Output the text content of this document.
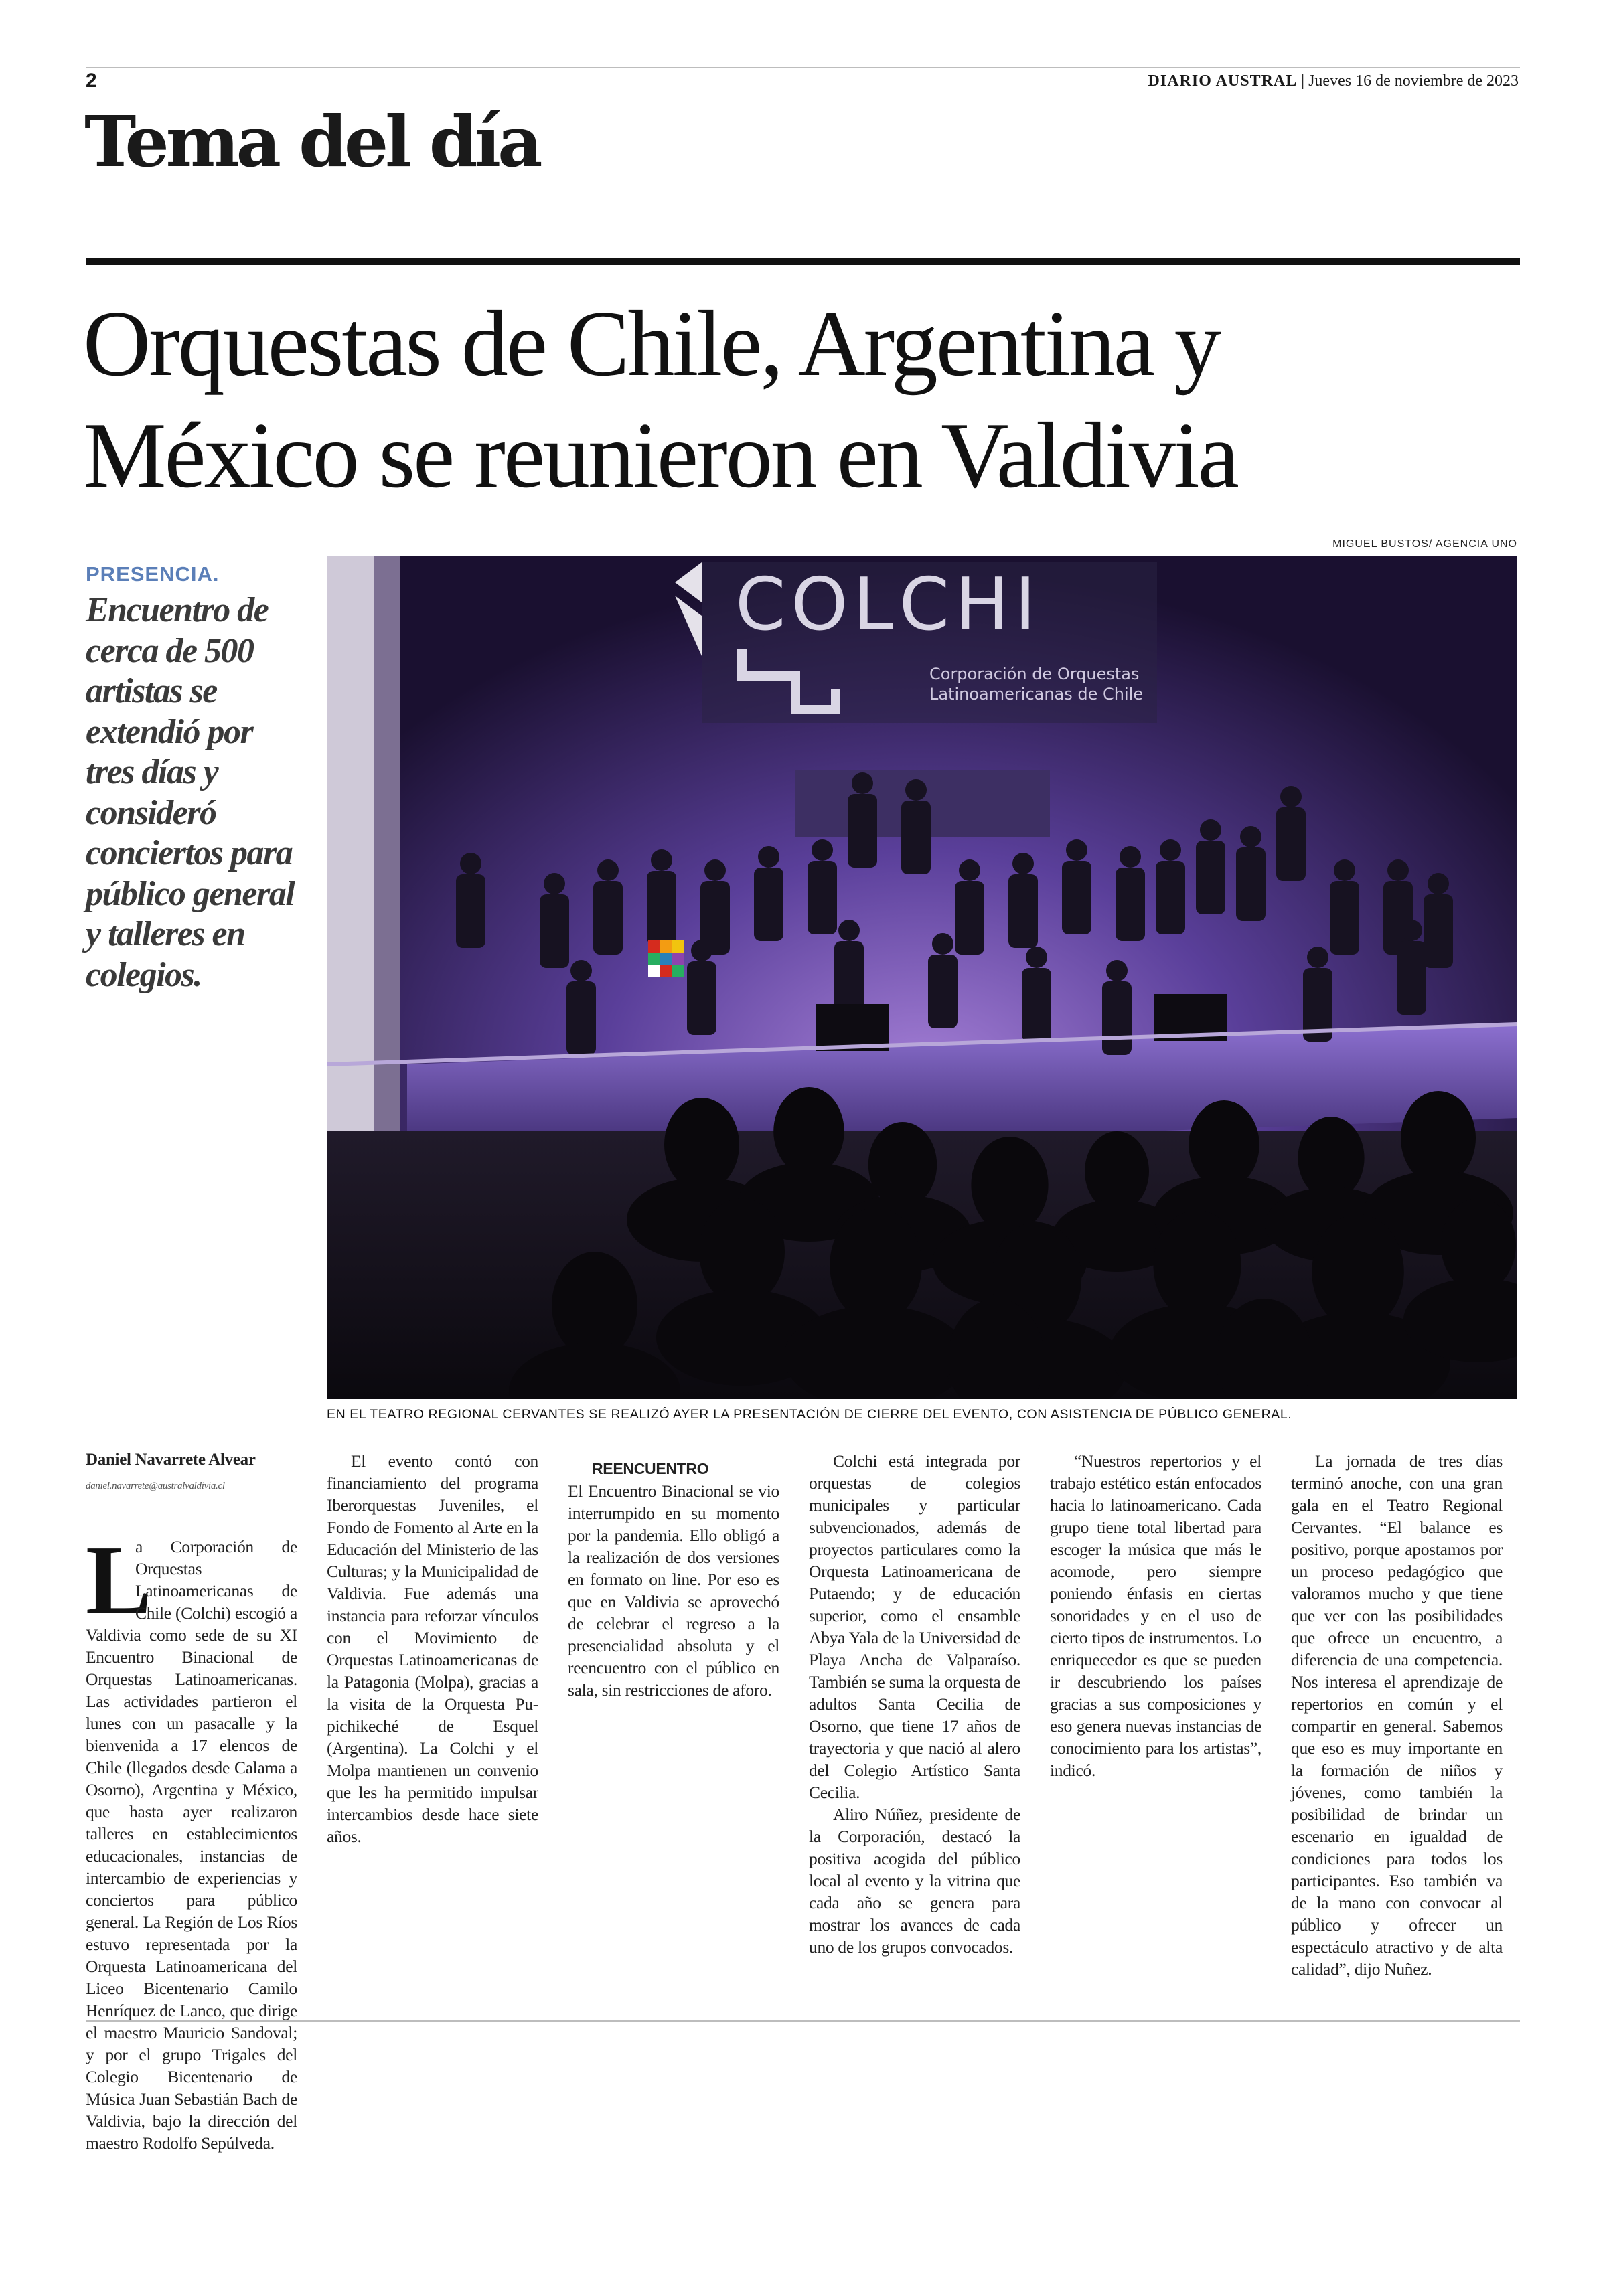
2	DIARIO AUSTRAL | Jueves 16 de noviembre de 2023
Tema del día
Orquestas de Chile, Argentina y
México se reunieron en Valdivia
PRESENCIA.
Encuentro de cerca de 500 artistas se extendió por tres días y consideró conciertos para público general y talleres en colegios.
MIGUEL BUSTOS/ AGENCIA UNO
COLCHI
Corporación de Orquestas
Latinoamericanas de Chile
EN EL TEATRO REGIONAL CERVANTES SE REALIZÓ AYER LA PRESENTACIÓN DE CIERRE DEL EVENTO, CON ASISTENCIA DE PÚBLICO GENERAL.

Daniel Navarrete Alvear

daniel.navarrete@australvaldivia.cl

L

a Corporación de Orquestas Latinoamericanas de Chile (Colchi) escogió a Valdivia como sede de su XI Encuentro Binacional de Orquestas Latinoamericanas. Las actividades partieron el lunes con un pasacalle y la bienvenida a 17 elencos de Chile (llegados desde Calama a Osorno), Argentina y México, que hasta ayer realizaron talleres en establecimientos educacionales, instancias de intercambio de experiencias y conciertos para público general. La Región de Los Ríos estuvo representada por la Orquesta Latinoamericana del Liceo Bicentenario Camilo Henríquez de Lanco, que dirige el maestro Mauricio Sandoval; y por el grupo Trigales del Colegio Bicentenario de Música Juan Sebastián Bach de Valdivia, bajo la dirección del maestro Rodolfo Sepúlveda.

El evento contó con financiamiento del programa Iberorquestas Juveniles, el Fondo de Fomento al Arte en la Educación del Ministerio de las Culturas; y la Municipalidad de Valdivia. Fue además una instancia para reforzar vínculos con el Movimiento de Orquestas Latinoamericanas de la Patagonia (Molpa), gracias a la visita de la Orquesta Pu-pichikeché de Esquel (Argentina). La Colchi y el Molpa mantienen un convenio que les ha permitido impulsar intercambios desde hace siete años.

REENCUENTRO

El Encuentro Binacional se vio interrumpido en su momento por la pandemia. Ello obligó a la realización de dos versiones en formato on line. Por eso es que en Valdivia se aprovechó de celebrar el regreso a la presencialidad absoluta y el reencuentro con el público en sala, sin restricciones de aforo.

Colchi está integrada por orquestas de colegios municipales y particular subvencionados, además de proyectos particulares como la Orquesta Latinoamericana de Putaendo; y de educación superior, como el ensamble Abya Yala de la Universidad de Playa Ancha de Valparaíso. También se suma la orquesta de adultos Santa Cecilia de Osorno, que tiene 17 años de trayectoria y que nació al alero del Colegio Artístico Santa Cecilia.

Aliro Núñez, presidente de la Corporación, destacó la positiva acogida del público local al evento y la vitrina que cada año se genera para mostrar los avances de cada uno de los grupos convocados.

“Nuestros repertorios y el trabajo estético están enfocados hacia lo latinoamericano. Cada grupo tiene total libertad para escoger la música que más le acomode, pero siempre poniendo énfasis en ciertas sonoridades y en el uso de cierto tipos de instrumentos. Lo enriquecedor es que se pueden ir descubriendo los países gracias a sus composiciones y eso genera nuevas instancias de conocimiento para los artistas”, indicó.

La jornada de tres días terminó anoche, con una gran gala en el Teatro Regional Cervantes. “El balance es positivo, porque apostamos por un proceso pedagógico que valoramos mucho y que tiene que ver con las posibilidades que ofrece un encuentro, a diferencia de una competencia. Nos interesa el aprendizaje de repertorios en común y el compartir en general. Sabemos que eso es muy importante en la formación de niños y jóvenes, como también la posibilidad de brindar un escenario en igualdad de condiciones para todos los participantes. Eso también va de la mano con convocar al público y ofrecer un espectáculo atractivo y de alta calidad”, dijo Nuñez.
